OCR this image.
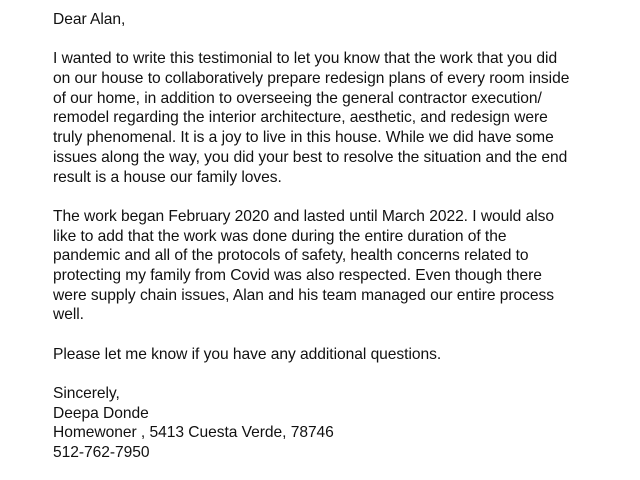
Dear Alan,
I wanted to write this testimonial to let you know that the work that you did
on our house to collaboratively prepare redesign plans of every room inside
of our home, in addition to overseeing the general contractor execution/
remodel regarding the interior architecture, aesthetic, and redesign were
truly phenomenal. It is a joy to live in this house. While we did have some
issues along the way, you did your best to resolve the situation and the end
result is a house our family loves.
The work began February 2020 and lasted until March 2022. I would also
like to add that the work was done during the entire duration of the
pandemic and all of the protocols of safety, health concerns related to
protecting my family from Covid was also respected. Even though there
were supply chain issues, Alan and his team managed our entire process
well.
Please let me know if you have any additional questions.
Sincerely,
Deepa Donde
Homewoner , 5413 Cuesta Verde, 78746
512-762-7950
